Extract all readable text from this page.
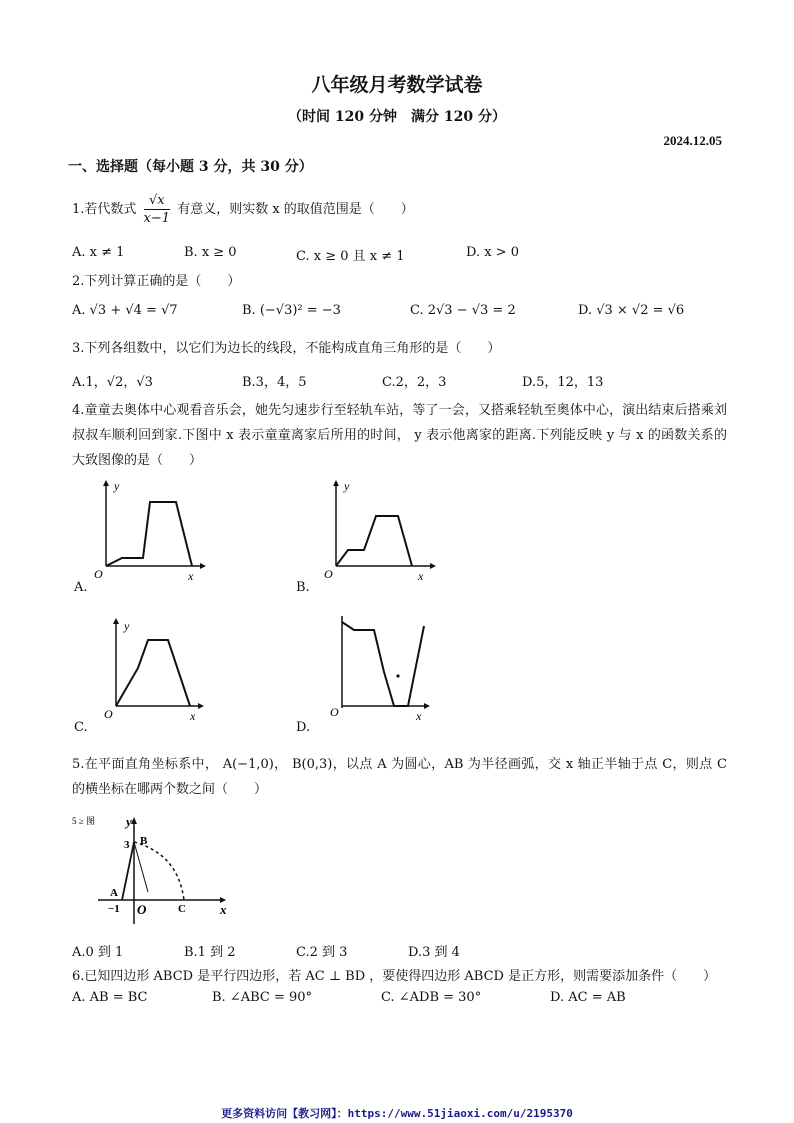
八年级月考数学试卷
（时间 120 分钟　满分 120 分）
2024.12.05
一、选择题（每小题 3 分，共 30 分）
1.若代数式 $\frac{√x}{x-1}$ 有意义，则实数 x 的取值范围是（　　）
A. x ≠ 1	B. x ≥ 0	C. x ≥ 0 且 x ≠ 1	D. x > 0
2.下列计算正确的是（　　）
A. √3 + √4 = √7	B. (−√3)² = −3	C. 2√3 − √3 = 2	D. √3 × √2 = √6
3.下列各组数中，以它们为边长的线段，不能构成直角三角形的是（　　）
A.1，√2，√3	B.3，4，5	C.2，2，3	D.5，12，13
4.童童去奥体中心观看音乐会，她先匀速步行至轻轨车站，等了一会，又搭乘轻轨至奥体中心，演出结束后搭乘刘叔叔车顺利回到家.下图中 x 表示童童离家后所用的时间， y 表示他离家的距离.下列能反映 y 与 x 的函数关系的大致图像的是（　　）
y
x
O
A.
y
x
O
B.
y
x
O
C.
O	x
D.
5.在平面直角坐标系中， A(−1,0)， B(0,3)，以点 A 为圆心，AB 为半径画弧，交 x 轴正半轴于点 C，则点 C 的横坐标在哪两个数之间（　　）
5 ≥ 图 y
B
3
A
−1 O	C	x
A.0 到 1	B.1 到 2	C.2 到 3	D.3 到 4
6.已知四边形 ABCD 是平行四边形，若 AC ⊥ BD ，要使得四边形 ABCD 是正方形，则需要添加条件（　　）
A. AB = BC	B. ∠ABC = 90°	C. ∠ADB = 30°	D. AC = AB
更多资料访问【教习网】：https://www.51jiaoxi.com/u/2195370
